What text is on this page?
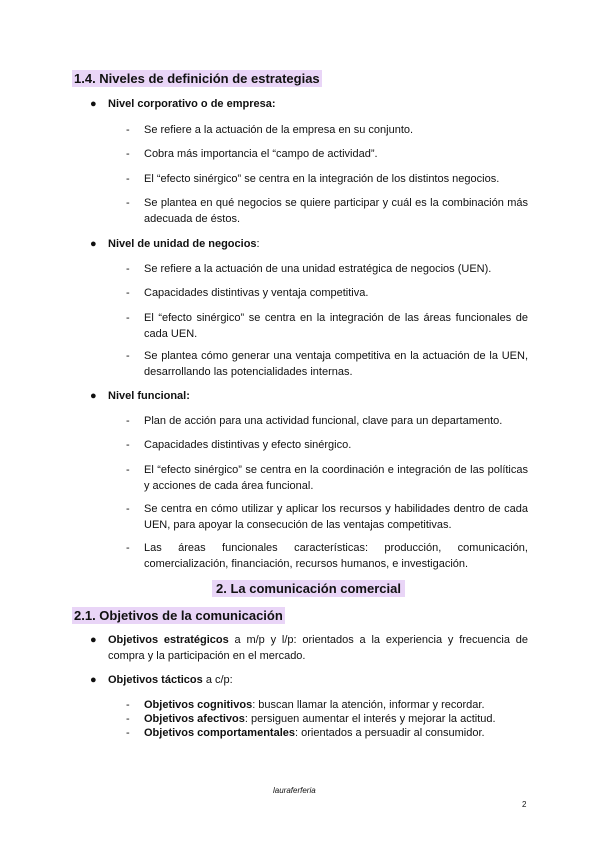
1.4. Niveles de definición de estrategias
● Nivel corporativo o de empresa:
- Se refiere a la actuación de la empresa en su conjunto.
- Cobra más importancia el “campo de actividad”.
- El “efecto sinérgico” se centra en la integración de los distintos negocios.
- Se plantea en qué negocios se quiere participar y cuál es la combinación más adecuada de éstos.
● Nivel de unidad de negocios:
- Se refiere a la actuación de una unidad estratégica de negocios (UEN).
- Capacidades distintivas y ventaja competitiva.
- El “efecto sinérgico” se centra en la integración de las áreas funcionales de cada UEN.
- Se plantea cómo generar una ventaja competitiva en la actuación de la UEN, desarrollando las potencialidades internas.
● Nivel funcional:
- Plan de acción para una actividad funcional, clave para un departamento.
- Capacidades distintivas y efecto sinérgico.
- El “efecto sinérgico” se centra en la coordinación e integración de las políticas y acciones de cada área funcional.
- Se centra en cómo utilizar y aplicar los recursos y habilidades dentro de cada UEN, para apoyar la consecución de las ventajas competitivas.
- Las áreas funcionales características: producción, comunicación, comercialización, financiación, recursos humanos, e investigación.
2. La comunicación comercial
2.1. Objetivos de la comunicación
● Objetivos estratégicos a m/p y l/p: orientados a la experiencia y frecuencia de compra y la participación en el mercado.
● Objetivos tácticos a c/p:
- Objetivos cognitivos: buscan llamar la atención, informar y recordar.
- Objetivos afectivos: persiguen aumentar el interés y mejorar la actitud.
- Objetivos comportamentales: orientados a persuadir al consumidor.
lauraferferia
2
